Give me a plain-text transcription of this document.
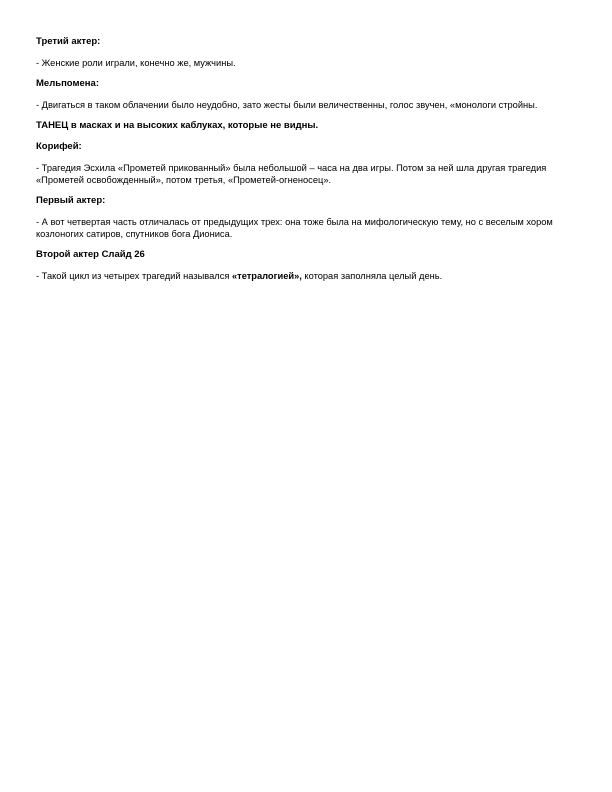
Третий актер:
- Женские роли играли, конечно же, мужчины.
Мельпомена:
- Двигаться в таком облачении было неудобно, зато жесты были величественны, голос звучен, «монологи стройны.
ТАНЕЦ в масках и на высоких каблуках, которые не видны.
Корифей:
- Трагедия Эсхила «Прометей прикованный» была небольшой – часа на два игры. Потом за ней шла другая трагедия «Прометей освобожденный», потом третья, «Прометей-огненосец».
Первый актер:
- А вот четвертая часть отличалась от предыдущих трех: она тоже была на мифологическую тему, но с веселым хором козлоногих сатиров, спутников бога Диониса.
Второй актер Слайд 26
- Такой цикл из четырех трагедий назывался «тетралогией», которая заполняла целый день.
